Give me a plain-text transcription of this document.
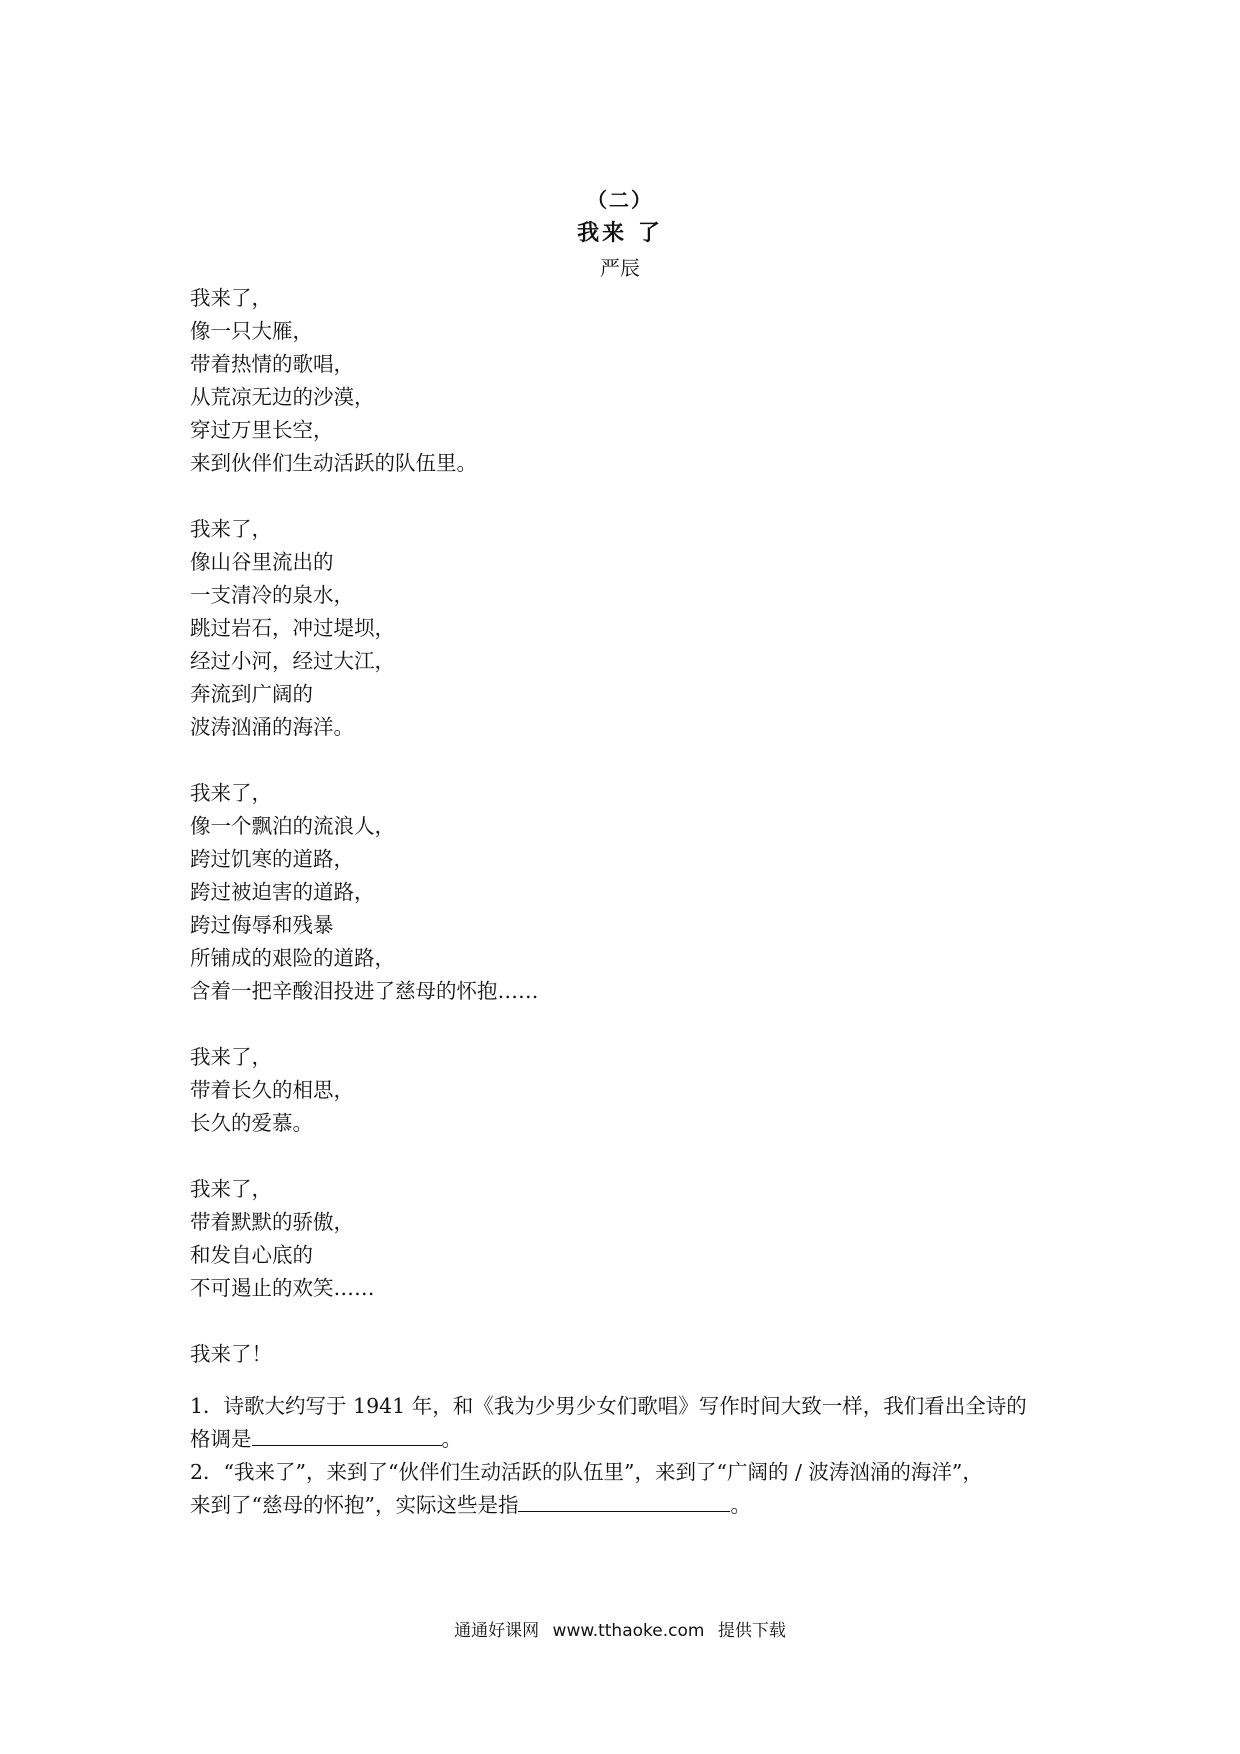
（二）
我来 了
严辰
我来了，
像一只大雁，
带着热情的歌唱，
从荒凉无边的沙漠，
穿过万里长空，
来到伙伴们生动活跃的队伍里。
我来了，
像山谷里流出的
一支清冷的泉水，
跳过岩石，冲过堤坝，
经过小河，经过大江，
奔流到广阔的
波涛汹涌的海洋。
我来了，
像一个飘泊的流浪人，
跨过饥寒的道路，
跨过被迫害的道路，
跨过侮辱和残暴
所铺成的艰险的道路，
含着一把辛酸泪投进了慈母的怀抱……
我来了，
带着长久的相思，
长久的爱慕。
我来了，
带着默默的骄傲，
和发自心底的
不可遏止的欢笑……
我来了！
1．诗歌大约写于 1941 年，和《我为少男少女们歌唱》写作时间大致一样，我们看出全诗的
格调是	。
2．“我来了”，来到了“伙伴们生动活跃的队伍里”，来到了“广阔的 / 波涛汹涌的海洋”，
来到了“慈母的怀抱”，实际这些是指	。
通通好课网 www.tthaoke.com 提供下载
